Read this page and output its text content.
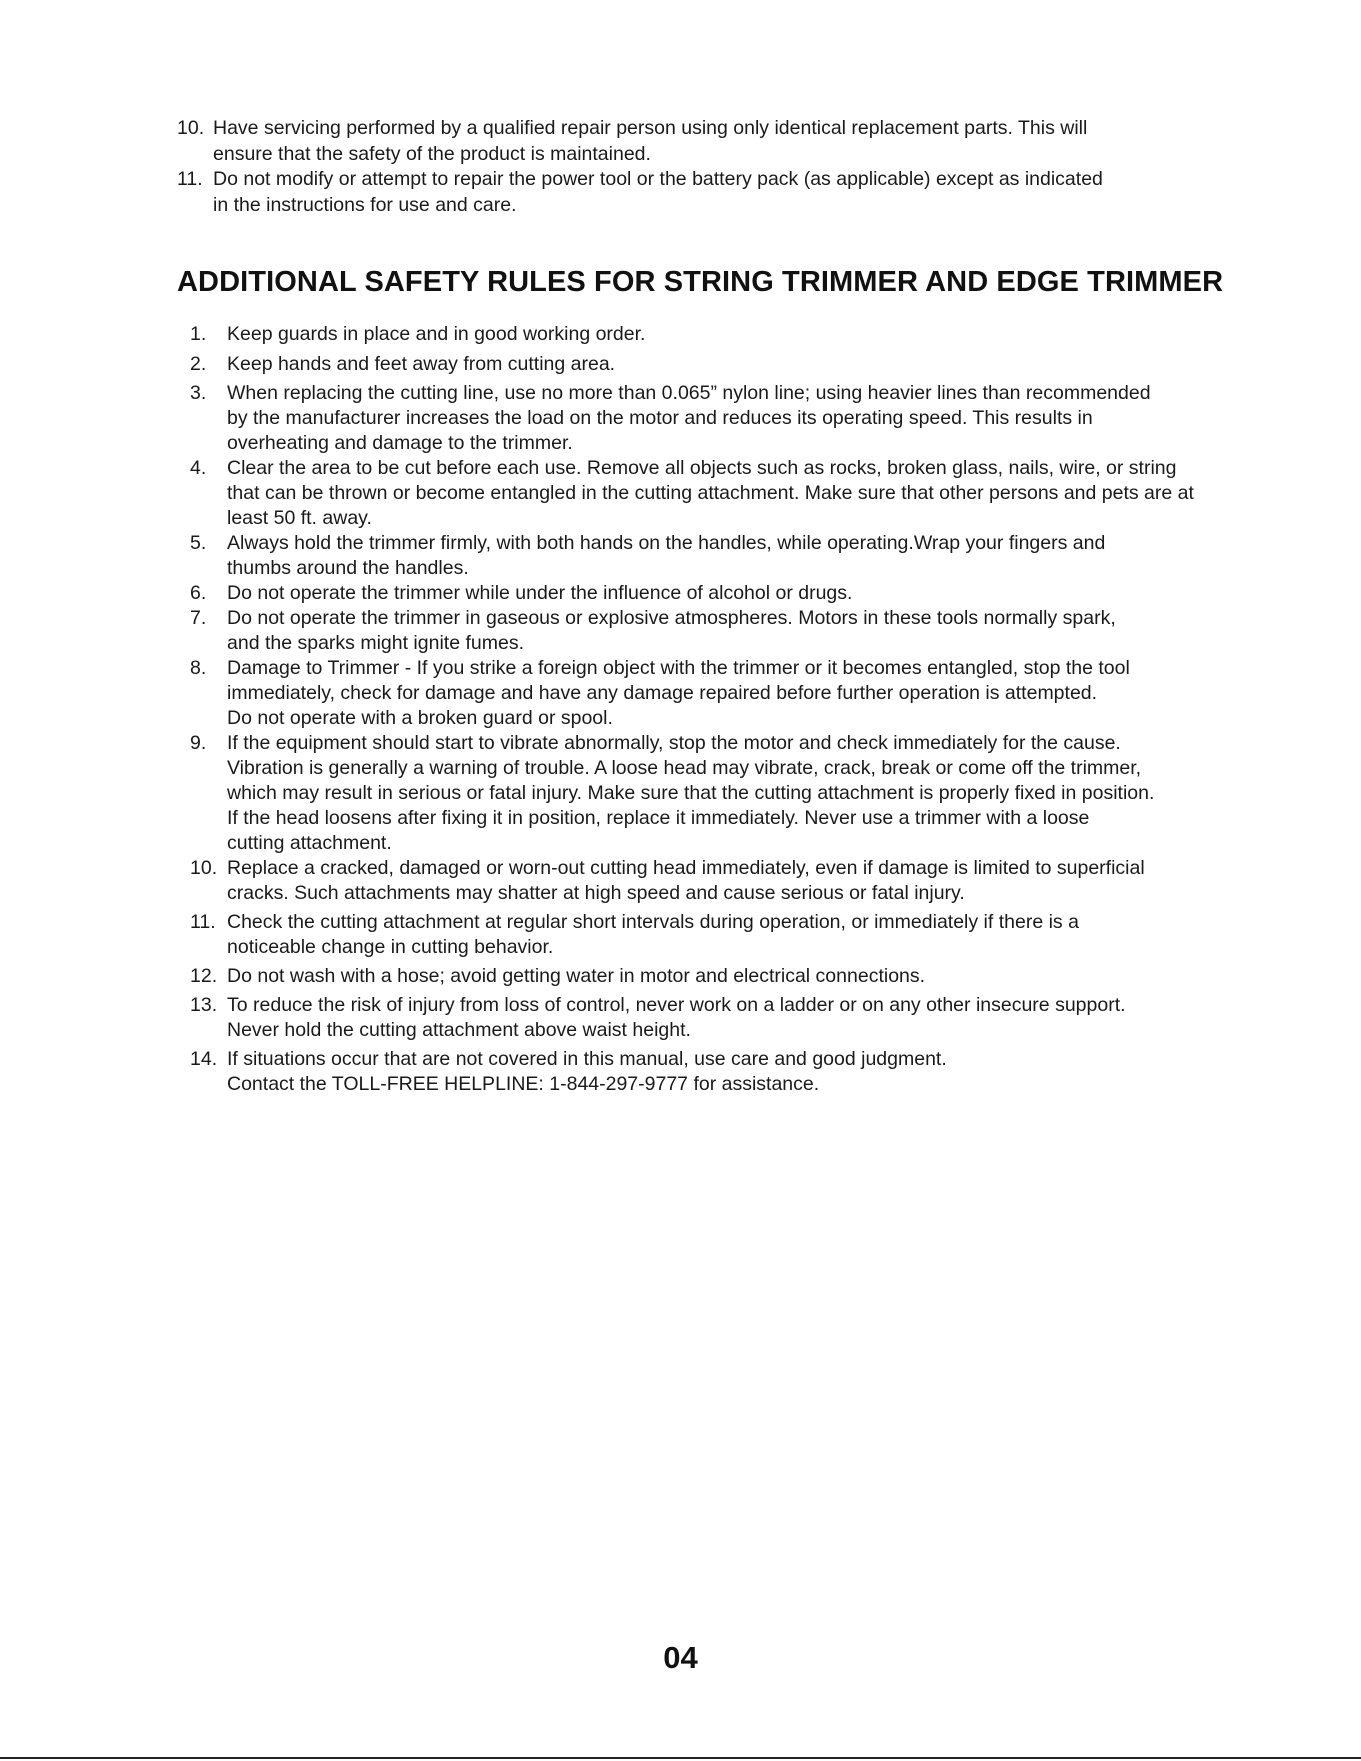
10. Have servicing performed by a qualified repair person using only identical replacement parts. This will
ensure that the safety of the product is maintained.
11. Do not modify or attempt to repair the power tool or the battery pack (as applicable) except as indicated
in the instructions for use and care.
ADDITIONAL SAFETY RULES FOR STRING TRIMMER AND EDGE TRIMMER
1. Keep guards in place and in good working order.
2. Keep hands and feet away from cutting area.
3. When replacing the cutting line, use no more than 0.065” nylon line; using heavier lines than recommended
by the manufacturer increases the load on the motor and reduces its operating speed. This results in
overheating and damage to the trimmer.
4. Clear the area to be cut before each use. Remove all objects such as rocks, broken glass, nails, wire, or string
that can be thrown or become entangled in the cutting attachment. Make sure that other persons and pets are at
least 50 ft. away.
5. Always hold the trimmer firmly, with both hands on the handles, while operating.Wrap your fingers and
thumbs around the handles.
6. Do not operate the trimmer while under the influence of alcohol or drugs.
7. Do not operate the trimmer in gaseous or explosive atmospheres. Motors in these tools normally spark,
and the sparks might ignite fumes.
8. Damage to Trimmer - If you strike a foreign object with the trimmer or it becomes entangled, stop the tool
immediately, check for damage and have any damage repaired before further operation is attempted.
Do not operate with a broken guard or spool.
9. If the equipment should start to vibrate abnormally, stop the motor and check immediately for the cause.
Vibration is generally a warning of trouble. A loose head may vibrate, crack, break or come off the trimmer,
which may result in serious or fatal injury. Make sure that the cutting attachment is properly fixed in position.
If the head loosens after fixing it in position, replace it immediately. Never use a trimmer with a loose
cutting attachment.
10. Replace a cracked, damaged or worn-out cutting head immediately, even if damage is limited to superficial
cracks. Such attachments may shatter at high speed and cause serious or fatal injury.
11. Check the cutting attachment at regular short intervals during operation, or immediately if there is a
noticeable change in cutting behavior.
12. Do not wash with a hose; avoid getting water in motor and electrical connections.
13. To reduce the risk of injury from loss of control, never work on a ladder or on any other insecure support.
Never hold the cutting attachment above waist height.
14. If situations occur that are not covered in this manual, use care and good judgment.
Contact the TOLL-FREE HELPLINE: 1-844-297-9777 for assistance.
04
